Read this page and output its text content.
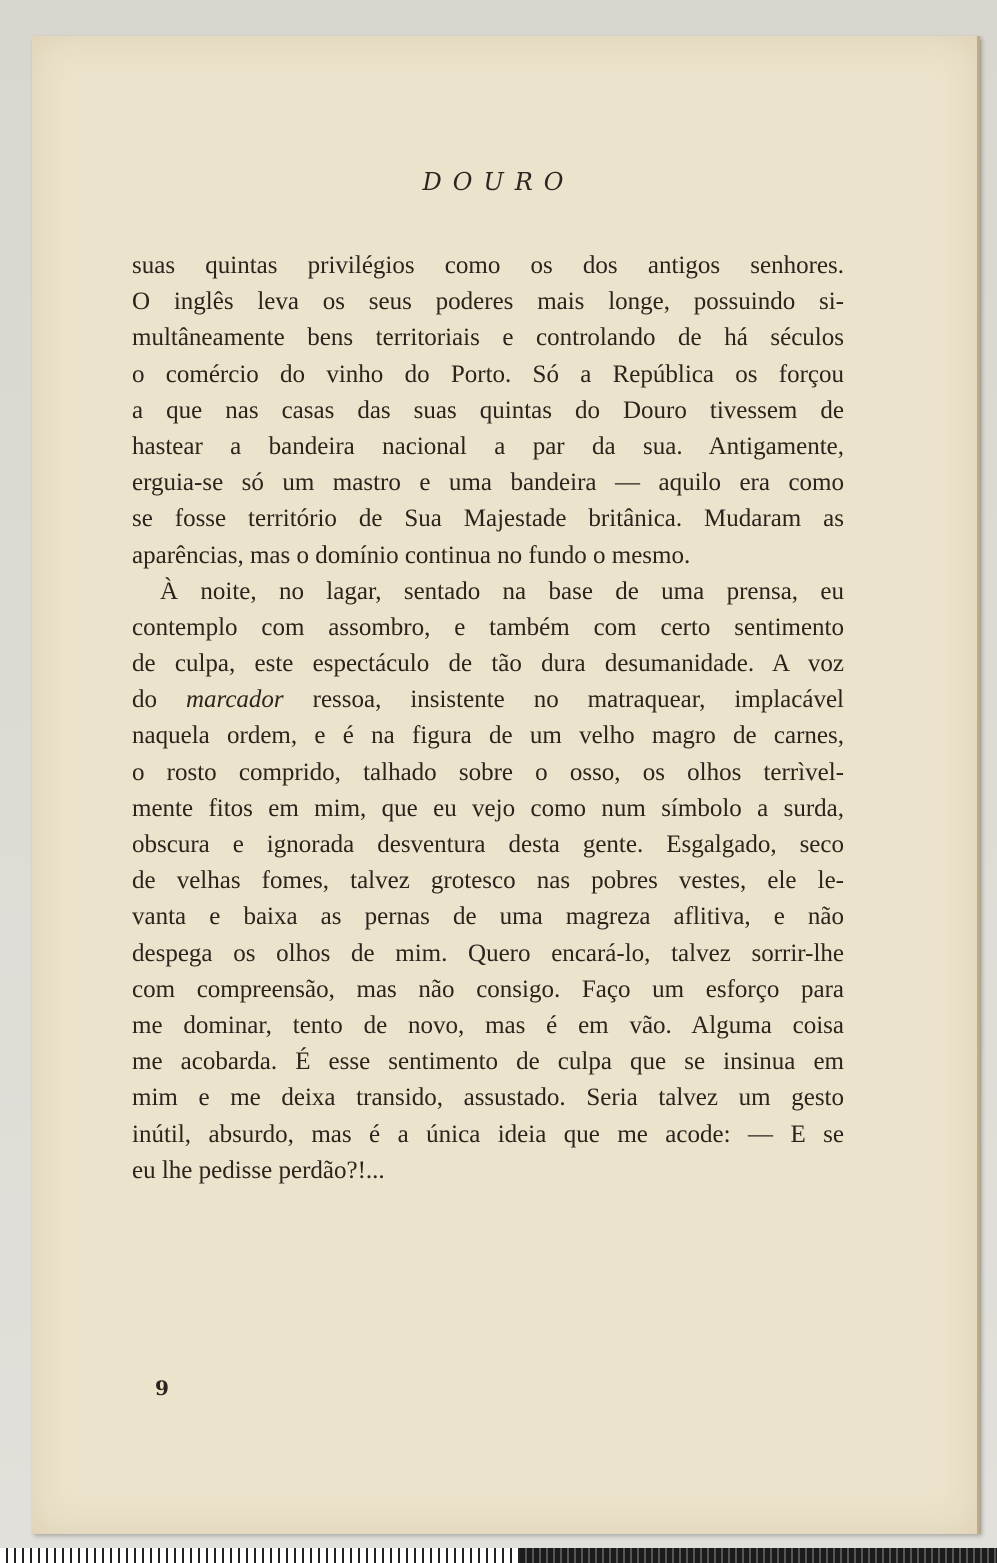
DOURO
suas quintas privilégios como os dos antigos senhores.
O inglês leva os seus poderes mais longe, possuindo si-
multâneamente bens territoriais e controlando de há séculos
o comércio do vinho do Porto. Só a República os forçou
a que nas casas das suas quintas do Douro tivessem de
hastear a bandeira nacional a par da sua. Antigamente,
erguia-se só um mastro e uma bandeira — aquilo era como
se fosse território de Sua Majestade britânica. Mudaram as
aparências, mas o domínio continua no fundo o mesmo.
À noite, no lagar, sentado na base de uma prensa, eu
contemplo com assombro, e também com certo sentimento
de culpa, este espectáculo de tão dura desumanidade. A voz
do marcador ressoa, insistente no matraquear, implacável
naquela ordem, e é na figura de um velho magro de carnes,
o rosto comprido, talhado sobre o osso, os olhos terrìvel-
mente fitos em mim, que eu vejo como num símbolo a surda,
obscura e ignorada desventura desta gente. Esgalgado, seco
de velhas fomes, talvez grotesco nas pobres vestes, ele le-
vanta e baixa as pernas de uma magreza aflitiva, e não
despega os olhos de mim. Quero encará-lo, talvez sorrir-lhe
com compreensão, mas não consigo. Faço um esforço para
me dominar, tento de novo, mas é em vão. Alguma coisa
me acobarda. É esse sentimento de culpa que se insinua em
mim e me deixa transido, assustado. Seria talvez um gesto
inútil, absurdo, mas é a única ideia que me acode: — E se
eu lhe pedisse perdão?!...
9
